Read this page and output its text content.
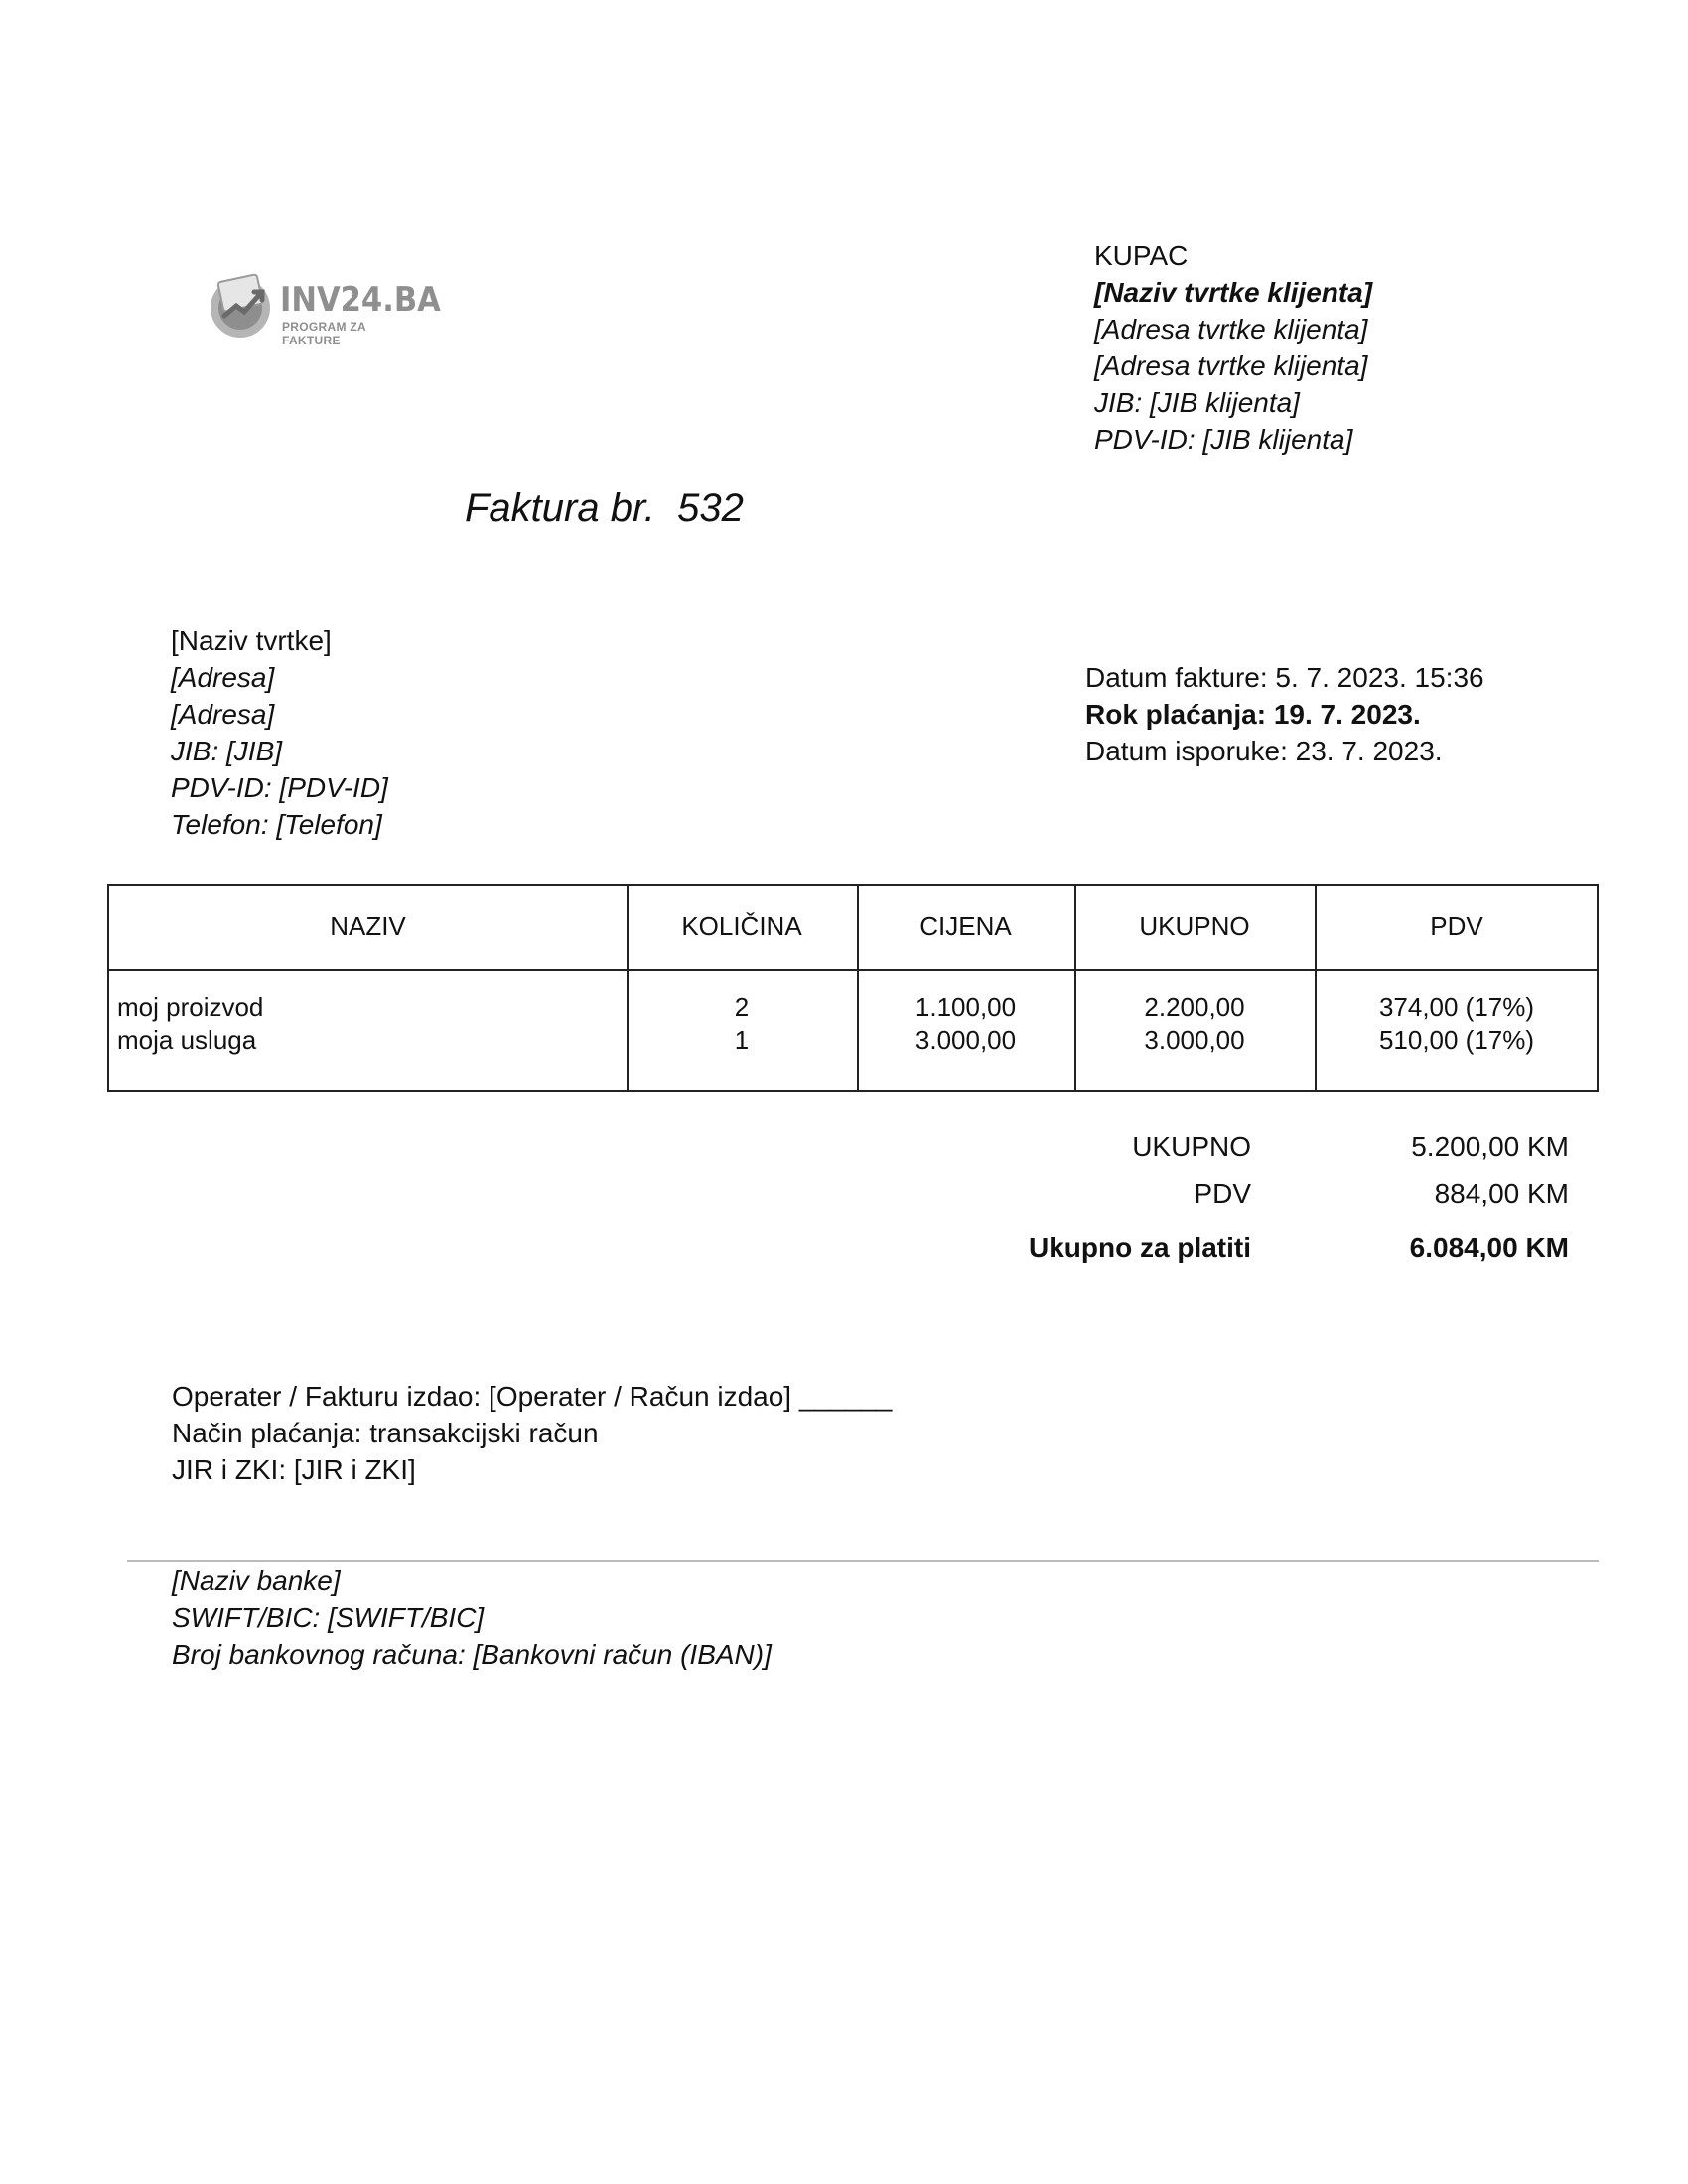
INV24.BA
PROGRAM ZA FAKTURE
KUPAC
[Naziv tvrtke klijenta]
[Adresa tvrtke klijenta]
[Adresa tvrtke klijenta]
JIB: [JIB klijenta]
PDV-ID: [JIB klijenta]
Faktura br.  532
[Naziv tvrtke]
[Adresa]
[Adresa]
JIB: [JIB]
PDV-ID: [PDV-ID]
Telefon: [Telefon]
Datum fakture: 5. 7. 2023. 15:36
Rok plaćanja: 19. 7. 2023.
Datum isporuke: 23. 7. 2023.
NAZIV	KOLIČINA	CIJENA	UKUPNO	PDV
moj proizvod	2	1.100,00	2.200,00	374,00 (17%)
moja usluga	1	3.000,00	3.000,00	510,00 (17%)
UKUPNO	5.200,00 KM
PDV	884,00 KM
Ukupno za platiti	6.084,00 KM
Operater / Fakturu izdao: [Operater / Račun izdao] ______
Način plaćanja: transakcijski račun
JIR i ZKI: [JIR i ZKI]
[Naziv banke]
SWIFT/BIC: [SWIFT/BIC]
Broj bankovnog računa: [Bankovni račun (IBAN)]
